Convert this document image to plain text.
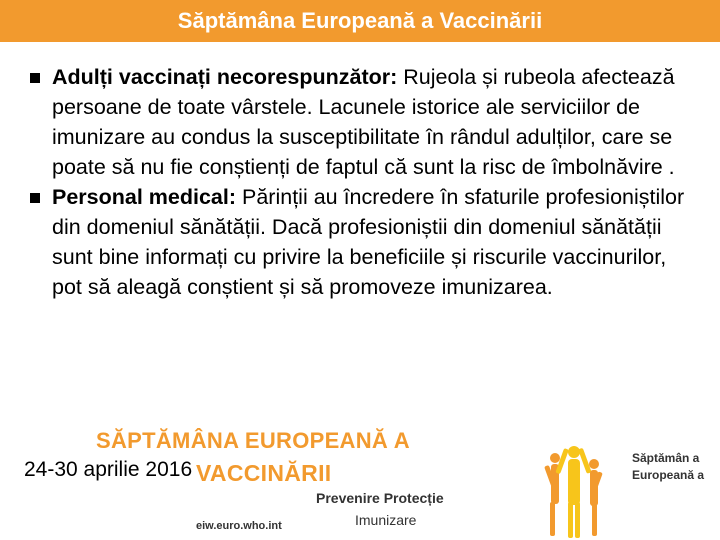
Săptămâna Europeană a Vaccinării
Adulți vaccinați necorespunzător: Rujeola și rubeola afectează persoane de toate vârstele. Lacunele istorice ale serviciilor de imunizare au condus la susceptibilitate în rândul adulților, care se poate să nu fie conștienți de faptul că sunt la risc de îmbolnăvire .
Personal medical: Părinții au încredere în sfaturile profesioniștilor din domeniul sănătății. Dacă profesioniștii din domeniul sănătății sunt bine informați cu privire la beneficiile și riscurile vaccinurilor, pot să aleagă conștient și să promoveze imunizarea.
SĂPTĂMÂNA EUROPEANĂ A
24-30 aprilie 2016 VACCINĂRII
Prevenire Protecție
Imunizare
eiw.euro.who.int
Săptămân a Europeană a
